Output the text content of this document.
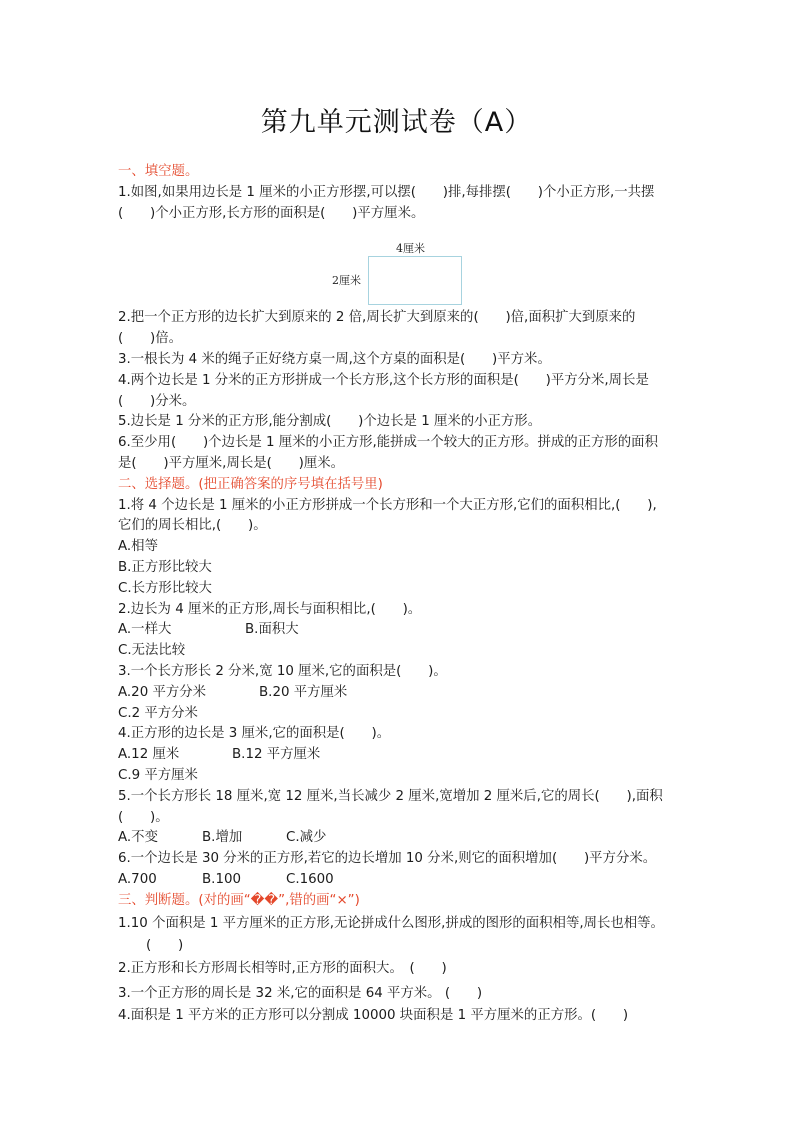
第九单元测试卷（A）
一、填空题。
1.如图,如果用边长是 1 厘米的小正方形摆,可以摆(　　)排,每排摆(　　)个小正方形,一共摆
(　　)个小正方形,长方形的面积是(　　)平方厘米。
4厘米
2厘米
2.把一个正方形的边长扩大到原来的 2 倍,周长扩大到原来的(　　)倍,面积扩大到原来的
(　　)倍。
3.一根长为 4 米的绳子正好绕方桌一周,这个方桌的面积是(　　)平方米。
4.两个边长是 1 分米的正方形拼成一个长方形,这个长方形的面积是(　　)平方分米,周长是
(　　)分米。
5.边长是 1 分米的正方形,能分割成(　　)个边长是 1 厘米的小正方形。
6.至少用(　　)个边长是 1 厘米的小正方形,能拼成一个较大的正方形。拼成的正方形的面积
是(　　)平方厘米,周长是(　　)厘米。
二、选择题。(把正确答案的序号填在括号里)
1.将 4 个边长是 1 厘米的小正方形拼成一个长方形和一个大正方形,它们的面积相比,(　　),
它们的周长相比,(　　)。
A.相等
B.正方形比较大
C.长方形比较大
2.边长为 4 厘米的正方形,周长与面积相比,(　　)。
A.一样大	B.面积大
C.无法比较
3.一个长方形长 2 分米,宽 10 厘米,它的面积是(　　)。
A.20 平方分米	B.20 平方厘米
C.2 平方分米
4.正方形的边长是 3 厘米,它的面积是(　　)。
A.12 厘米	B.12 平方厘米
C.9 平方厘米
5.一个长方形长 18 厘米,宽 12 厘米,当长减少 2 厘米,宽增加 2 厘米后,它的周长(　　),面积
(　　)。
A.不变	B.增加	C.减少
6.一个边长是 30 分米的正方形,若它的边长增加 10 分米,则它的面积增加(　　)平方分米。
A.700	B.100	C.1600
三、判断题。(对的画“��”,错的画“×”)
1.10 个面积是 1 平方厘米的正方形,无论拼成什么图形,拼成的图形的面积相等,周长也相等。
(　　)
2.正方形和长方形周长相等时,正方形的面积大。　(　　)
3.一个正方形的周长是 32 米,它的面积是 64 平方米。 (　　)
4.面积是 1 平方米的正方形可以分割成 10000 块面积是 1 平方厘米的正方形。(　　)
